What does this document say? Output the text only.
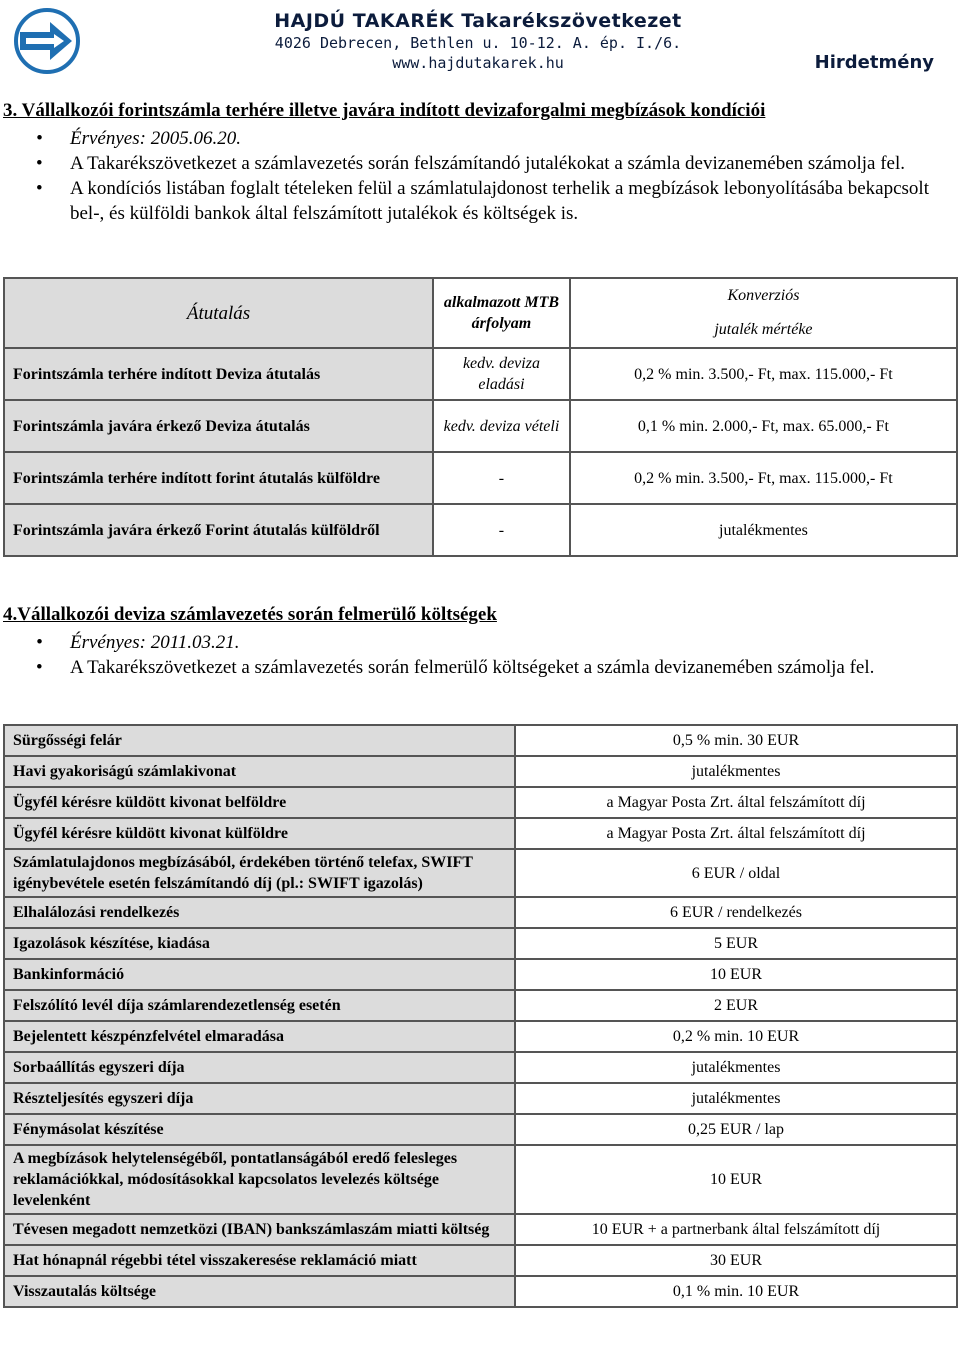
HAJDÚ TAKARÉK Takarékszövetkezet
4026 Debrecen, Bethlen u. 10-12. A. ép. I./6.
www.hajdutakarek.hu	Hirdetmény
3. Vállalkozói forintszámla terhére illetve javára indított devizaforgalmi megbízások kondíciói
• Érvényes: 2005.06.20.
• A Takarékszövetkezet a számlavezetés során felszámítandó jutalékokat a számla devizanemében számolja fel.
• A kondíciós listában foglalt tételeken felül a számlatulajdonost terhelik a megbízások lebonyolításába bekapcsolt bel-, és külföldi bankok által felszámított jutalékok és költségek is.
Átutalás	alkalmazott MTB árfolyam	Konverziós
jutalék mértéke

Forintszámla terhére indított Deviza átutalás	kedv. deviza eladási	0,2 % min. 3.500,- Ft, max. 115.000,- Ft
Forintszámla javára érkező Deviza átutalás	kedv. deviza vételi	0,1 % min. 2.000,- Ft, max. 65.000,- Ft
Forintszámla terhére indított forint átutalás külföldre	-	0,2 % min. 3.500,- Ft, max. 115.000,- Ft
Forintszámla javára érkező Forint átutalás külföldről	-	jutalékmentes
4.Vállalkozói deviza számlavezetés során felmerülő költségek
• Érvényes: 2011.03.21.
• A Takarékszövetkezet a számlavezetés során felmerülő költségeket a számla devizanemében számolja fel.
Sürgősségi felár	0,5 % min. 30 EUR
Havi gyakoriságú számlakivonat	jutalékmentes
Ügyfél kérésre küldött kivonat belföldre	a Magyar Posta Zrt. által felszámított díj
Ügyfél kérésre küldött kivonat külföldre	a Magyar Posta Zrt. által felszámított díj
Számlatulajdonos megbízásából, érdekében történő telefax, SWIFT igénybevétele esetén felszámítandó díj (pl.: SWIFT igazolás)	6 EUR / oldal
Elhalálozási rendelkezés	6 EUR / rendelkezés
Igazolások készítése, kiadása	5 EUR
Bankinformáció	10 EUR
Felszólító levél díja számlarendezetlenség esetén	2 EUR
Bejelentett készpénzfelvétel elmaradása	0,2 % min. 10 EUR
Sorbaállítás egyszeri díja	jutalékmentes
Részteljesítés egyszeri díja	jutalékmentes
Fénymásolat készítése	0,25 EUR / lap
A megbízások helytelenségéből, pontatlanságából eredő felesleges reklamációkkal, módosításokkal kapcsolatos levelezés költsége levelenként	10 EUR
Tévesen megadott nemzetközi (IBAN) bankszámlaszám miatti költség	10 EUR + a partnerbank által felszámított díj
Hat hónapnál régebbi tétel visszakeresése reklamáció miatt	30 EUR
Visszautalás költsége	0,1 % min. 10 EUR
